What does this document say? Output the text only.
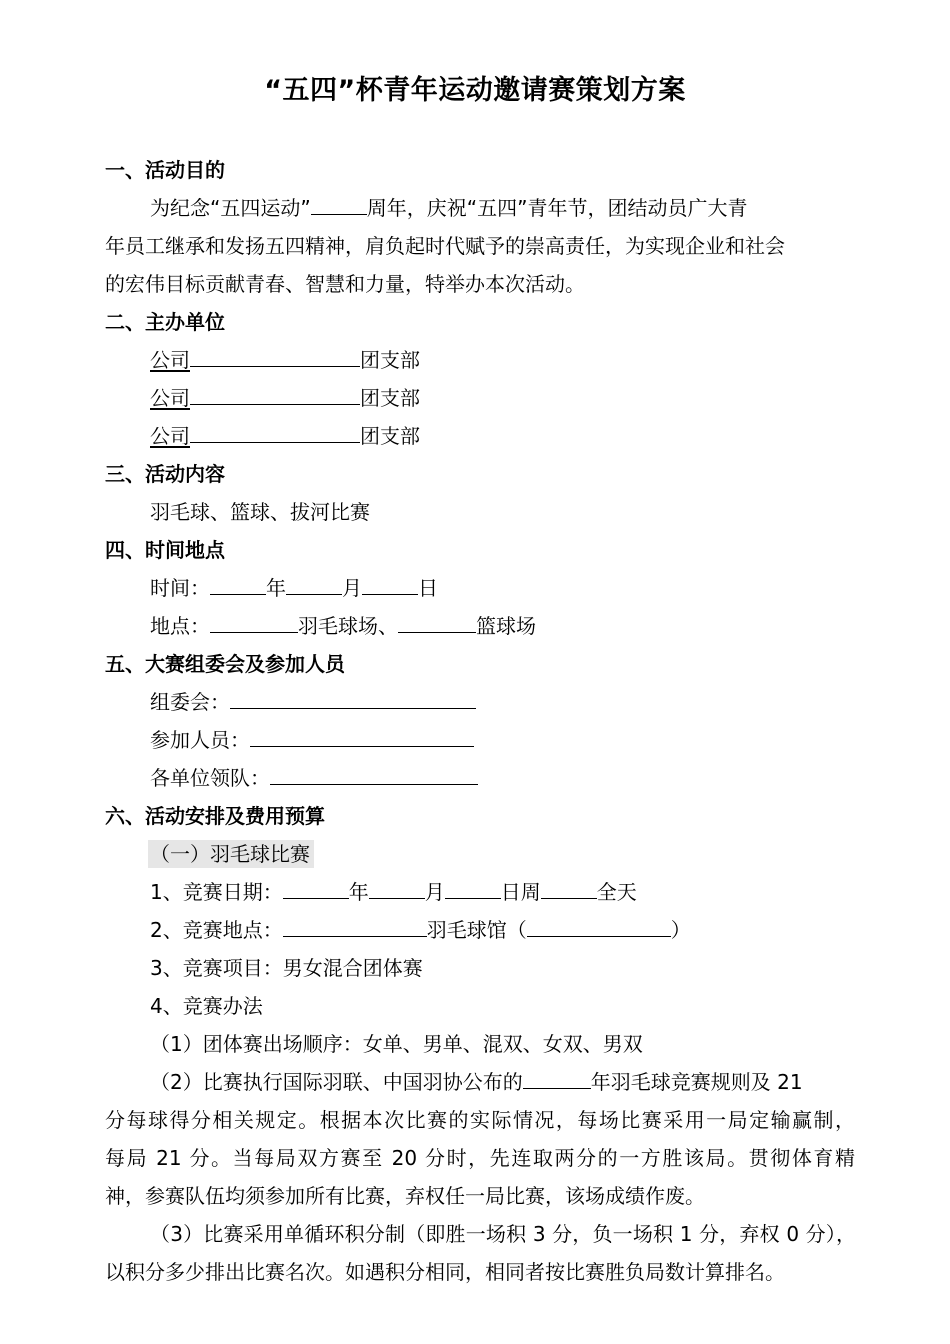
“五四”杯青年运动邀请赛策划方案
一、活动目的
为纪念“五四运动”	周年，庆祝“五四”青年节，团结动员广大青
年员工继承和发扬五四精神，肩负起时代赋予的崇高责任，为实现企业和社会
的宏伟目标贡献青春、智慧和力量，特举办本次活动。
二、主办单位
公司	团支部
公司	团支部
公司	团支部
三、活动内容
羽毛球、篮球、拔河比赛
四、时间地点
时间：	年	月	日
地点：	羽毛球场、	篮球场
五、大赛组委会及参加人员
组委会：
参加人员：
各单位领队：
六、活动安排及费用预算
（一）羽毛球比赛
1、竞赛日期：	年	月	日周	全天
2、竞赛地点：	羽毛球馆（	）
3、竞赛项目：男女混合团体赛
4、竞赛办法
（1）团体赛出场顺序：女单、男单、混双、女双、男双
（2）比赛执行国际羽联、中国羽协公布的	年羽毛球竞赛规则及 21
分每球得分相关规定。根据本次比赛的实际情况，每场比赛采用一局定输赢制，
每局 21 分。当每局双方赛至 20 分时，先连取两分的一方胜该局。贯彻体育精
神，参赛队伍均须参加所有比赛，弃权任一局比赛，该场成绩作废。
（3）比赛采用单循环积分制（即胜一场积 3 分，负一场积 1 分，弃权 0 分），
以积分多少排出比赛名次。如遇积分相同，相同者按比赛胜负局数计算排名。
